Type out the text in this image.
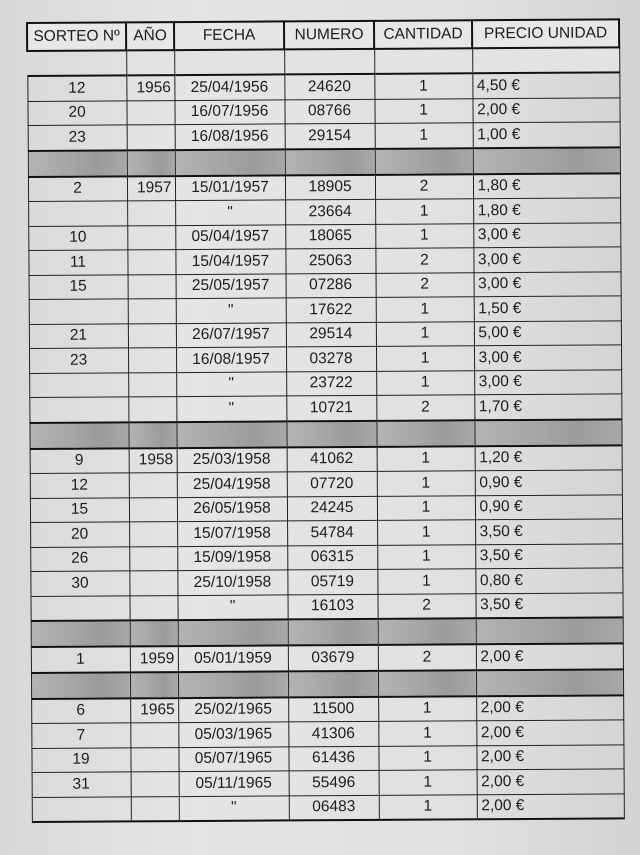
SORTEO Nº	AÑO	FECHA	NUMERO	CANTIDAD	PRECIO UNIDAD

12	1956	25/04/1956	24620	1	4,50 €
20		16/07/1956	08766	1	2,00 €
23		16/08/1956	29154	1	1,00 €

2	1957	15/01/1957	18905	2	1,80 €
		"	23664	1	1,80 €
10		05/04/1957	18065	1	3,00 €
11		15/04/1957	25063	2	3,00 €
15		25/05/1957	07286	2	3,00 €
		"	17622	1	1,50 €
21		26/07/1957	29514	1	5,00 €
23		16/08/1957	03278	1	3,00 €
		"	23722	1	3,00 €
		"	10721	2	1,70 €

9	1958	25/03/1958	41062	1	1,20 €
12		25/04/1958	07720	1	0,90 €
15		26/05/1958	24245	1	0,90 €
20		15/07/1958	54784	1	3,50 €
26		15/09/1958	06315	1	3,50 €
30		25/10/1958	05719	1	0,80 €
		"	16103	2	3,50 €

1	1959	05/01/1959	03679	2	2,00 €

6	1965	25/02/1965	11500	1	2,00 €
7		05/03/1965	41306	1	2,00 €
19		05/07/1965	61436	1	2,00 €
31		05/11/1965	55496	1	2,00 €
		"	06483	1	2,00 €
